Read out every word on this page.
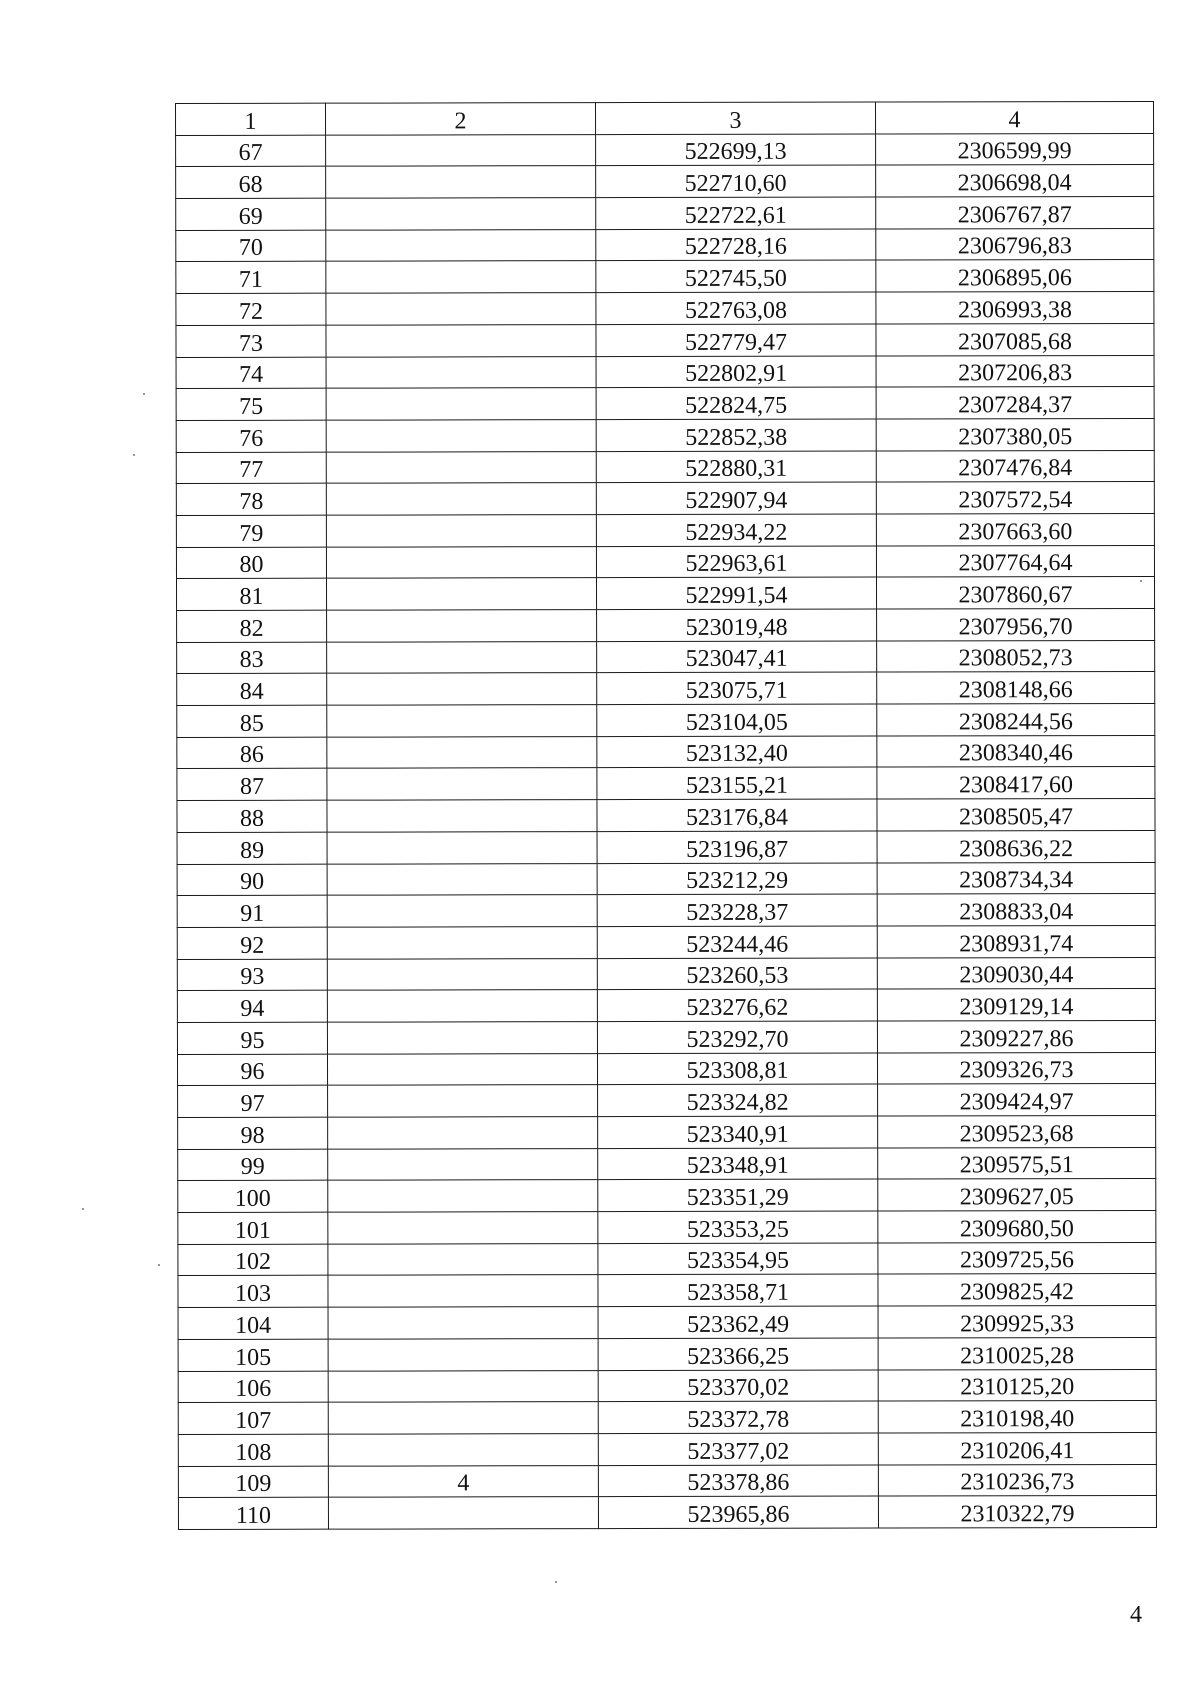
1	2	3	4
67		522699,13	2306599,99
68		522710,60	2306698,04
69		522722,61	2306767,87
70		522728,16	2306796,83
71		522745,50	2306895,06
72		522763,08	2306993,38
73		522779,47	2307085,68
74		522802,91	2307206,83
75		522824,75	2307284,37
76		522852,38	2307380,05
77		522880,31	2307476,84
78		522907,94	2307572,54
79		522934,22	2307663,60
80		522963,61	2307764,64
81		522991,54	2307860,67
82		523019,48	2307956,70
83		523047,41	2308052,73
84		523075,71	2308148,66
85		523104,05	2308244,56
86		523132,40	2308340,46
87		523155,21	2308417,60
88		523176,84	2308505,47
89		523196,87	2308636,22
90		523212,29	2308734,34
91		523228,37	2308833,04
92		523244,46	2308931,74
93		523260,53	2309030,44
94		523276,62	2309129,14
95		523292,70	2309227,86
96		523308,81	2309326,73
97		523324,82	2309424,97
98		523340,91	2309523,68
99		523348,91	2309575,51
100		523351,29	2309627,05
101		523353,25	2309680,50
102		523354,95	2309725,56
103		523358,71	2309825,42
104		523362,49	2309925,33
105		523366,25	2310025,28
106		523370,02	2310125,20
107		523372,78	2310198,40
108		523377,02	2310206,41
109	4	523378,86	2310236,73
110		523965,86	2310322,79
4
